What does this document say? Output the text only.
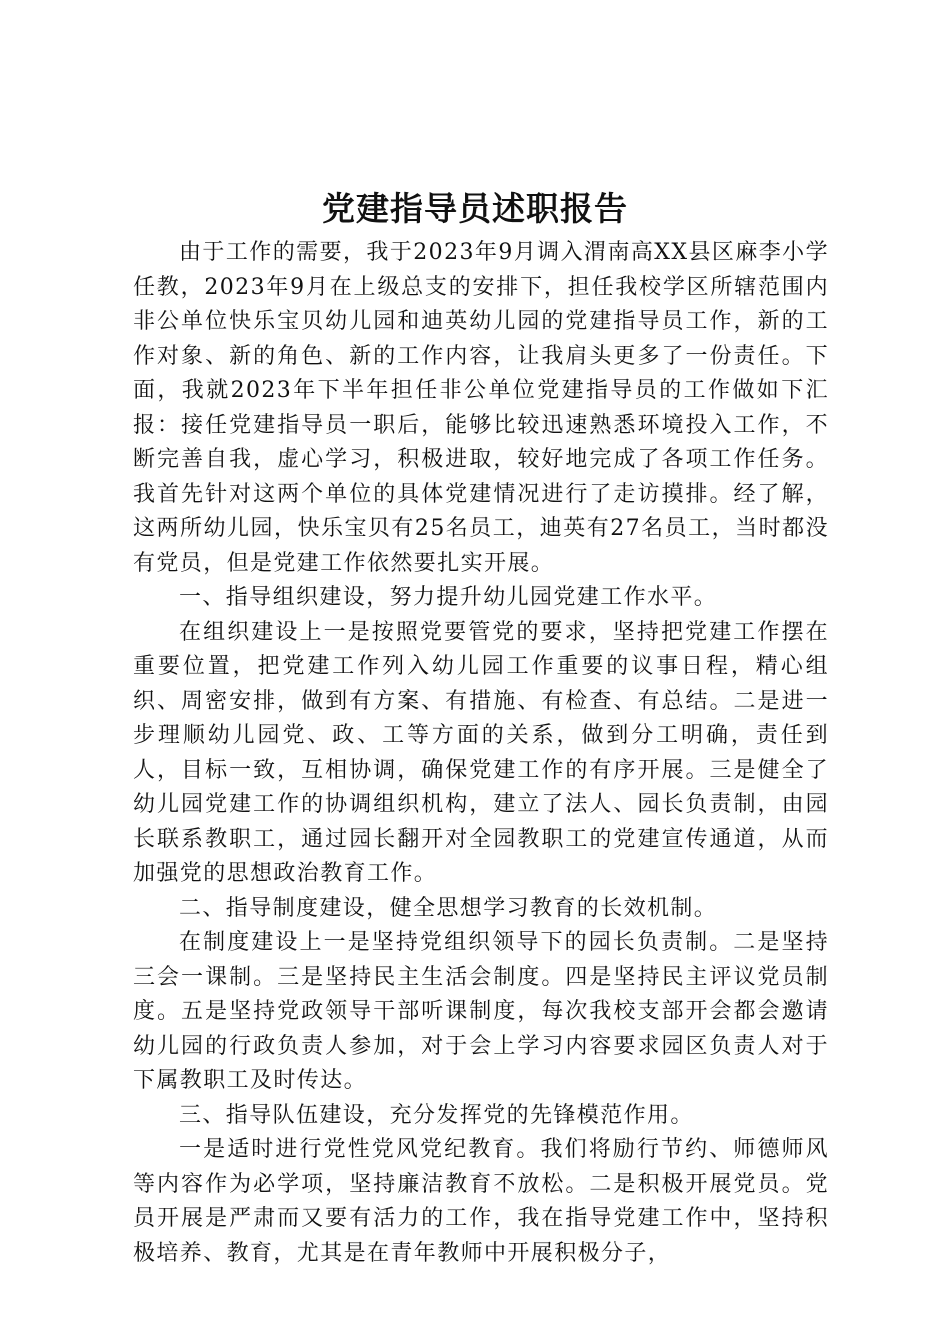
党建指导员述职报告

由于工作的需要，我于2023年9月调入渭南高XX县区麻李小学任教，2023年9月在上级总支的安排下，担任我校学区所辖范围内非公单位快乐宝贝幼儿园和迪英幼儿园的党建指导员工作，新的工作对象、新的角色、新的工作内容，让我肩头更多了一份责任。下面，我就2023年下半年担任非公单位党建指导员的工作做如下汇报：接任党建指导员一职后，能够比较迅速熟悉环境投入工作，不断完善自我，虚心学习，积极进取，较好地完成了各项工作任务。我首先针对这两个单位的具体党建情况进行了走访摸排。经了解，这两所幼儿园，快乐宝贝有25名员工，迪英有27名员工，当时都没有党员，但是党建工作依然要扎实开展。

一、指导组织建设，努力提升幼儿园党建工作水平。

在组织建设上一是按照党要管党的要求，坚持把党建工作摆在重要位置，把党建工作列入幼儿园工作重要的议事日程，精心组织、周密安排，做到有方案、有措施、有检查、有总结。二是进一步理顺幼儿园党、政、工等方面的关系，做到分工明确，责任到人，目标一致，互相协调，确保党建工作的有序开展。三是健全了幼儿园党建工作的协调组织机构，建立了法人、园长负责制，由园长联系教职工，通过园长翻开对全园教职工的党建宣传通道，从而加强党的思想政治教育工作。

二、指导制度建设，健全思想学习教育的长效机制。

在制度建设上一是坚持党组织领导下的园长负责制。二是坚持三会一课制。三是坚持民主生活会制度。四是坚持民主评议党员制度。五是坚持党政领导干部听课制度，每次我校支部开会都会邀请幼儿园的行政负责人参加，对于会上学习内容要求园区负责人对于下属教职工及时传达。

三、指导队伍建设，充分发挥党的先锋模范作用。

一是适时进行党性党风党纪教育。我们将励行节约、师德师风等内容作为必学项，坚持廉洁教育不放松。二是积极开展党员。党员开展是严肃而又要有活力的工作，我在指导党建工作中，坚持积极培养、教育，尤其是在青年教师中开展积极分子，
